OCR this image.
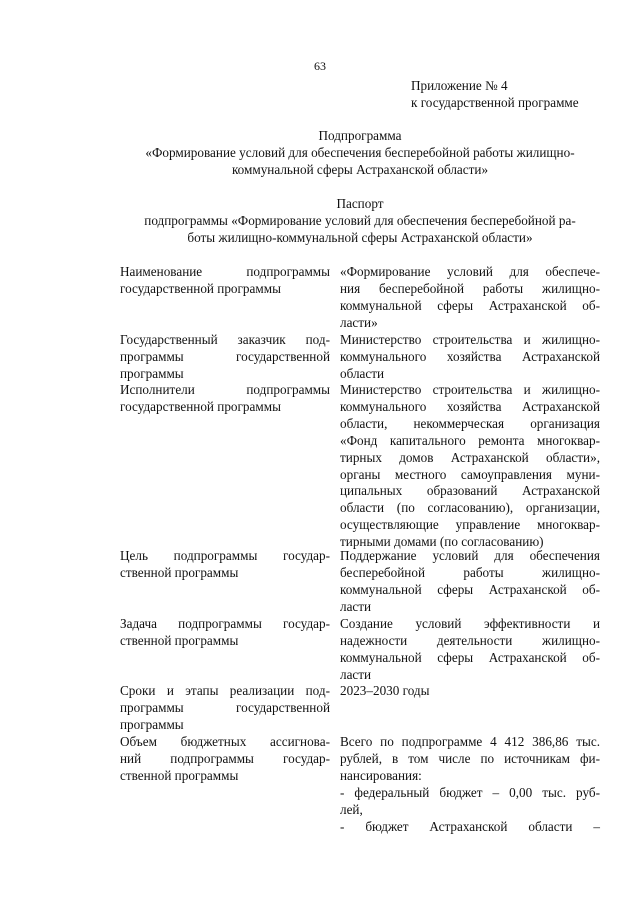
63
Приложение № 4
к государственной программе
Подпрограмма
«Формирование условий для обеспечения бесперебойной работы жилищно-
коммунальной сферы Астраханской области»
Паспорт
подпрограммы «Формирование условий для обеспечения бесперебойной ра-
боты жилищно-коммунальной сферы Астраханской области»
Наименование подпрограммы
государственной программы
«Формирование условий для обеспече-
ния бесперебойной работы жилищно-
коммунальной сферы Астраханской об-
ласти»
Государственный заказчик под-
программы государственной
программы
Министерство строительства и жилищно-
коммунального хозяйства Астраханской
области
Исполнители подпрограммы
государственной программы
Министерство строительства и жилищно-
коммунального хозяйства Астраханской
области, некоммерческая организация
«Фонд капитального ремонта многоквар-
тирных домов Астраханской области»,
органы местного самоуправления муни-
ципальных образований Астраханской
области (по согласованию), организации,
осуществляющие управление многоквар-
тирными домами (по согласованию)
Цель подпрограммы государ-
ственной программы
Поддержание условий для обеспечения
бесперебойной работы жилищно-
коммунальной сферы Астраханской об-
ласти
Задача подпрограммы государ-
ственной программы
Создание условий эффективности и
надежности деятельности жилищно-
коммунальной сферы Астраханской об-
ласти
Сроки и этапы реализации под-
программы государственной
программы
2023–2030 годы
Объем бюджетных ассигнова-
ний подпрограммы государ-
ственной программы
Всего по подпрограмме 4 412 386,86 тыс.
рублей, в том числе по источникам фи-
нансирования:
- федеральный бюджет – 0,00 тыс. руб-
лей,
- бюджет Астраханской области –
